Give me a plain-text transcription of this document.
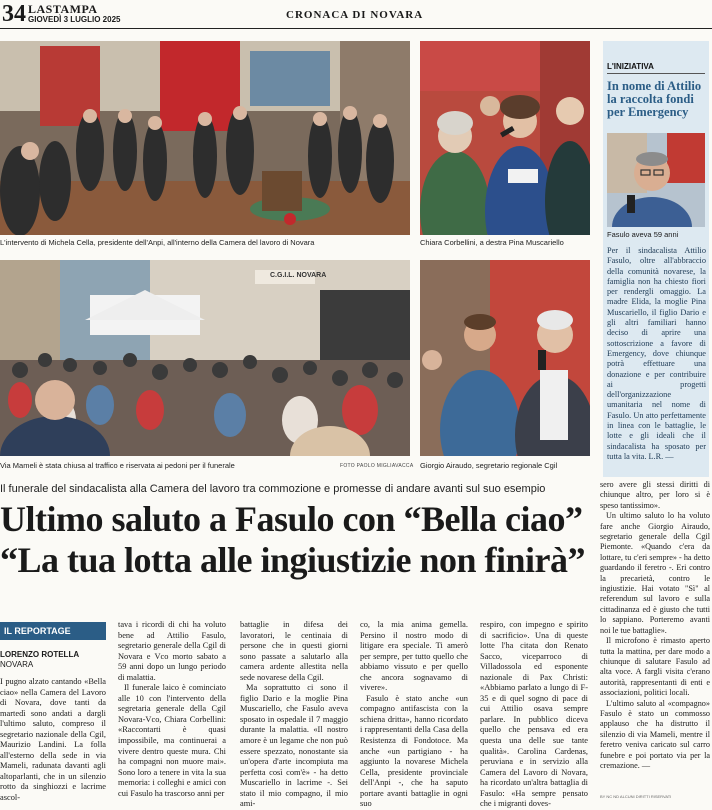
34 LASTAMPA
GIOVEDÌ 3 LUGLIO 2025	CRONACA DI NOVARA
L'intervento di Michela Cella, presidente dell'Anpi, all'interno della Camera del lavoro di Novara	Chiara Corbellini, a destra Pina Muscariello
C.G.I.L. NOVARA
Via Mameli è stata chiusa al traffico e riservata ai pedoni per il funerale	FOTO PAOLO MIGLIAVACCA Giorgio Airaudo, segretario regionale Cgil
L'INIZIATIVA
In nome di Attilio la raccolta fondi per Emergency
Fasulo aveva 59 anni
Per il sindacalista Attilio Fasulo, oltre all'abbraccio della comunità novarese, la famiglia non ha chiesto fiori per rendergli omaggio. La madre Elida, la moglie Pina Muscariello, il figlio Dario e gli altri familiari hanno deciso di aprire una sottoscrizione a favore di Emergency, dove chiunque potrà effettuare una donazione e per contribuire ai progetti dell'organizzazione umanitaria nel nome di Fasulo. Un atto perfettamente in linea con le battaglie, le lotte e gli ideali che il sindacalista ha sposato per tutta la vita. L.R. —
Il funerale del sindacalista alla Camera del lavoro tra commozione e promesse di andare avanti sul suo esempio
Ultimo saluto a Fasulo con “Bella ciao”
“La tua lotta alle ingiustizie non finirà”
IL REPORTAGE
LORENZO ROTELLA
NOVARA

I pugno alzato cantando «Bella ciao» nella Camera del Lavoro di Novara, dove tanti da martedì sono andati a dargli l'ultimo saluto, compreso il segretario nazionale della Cgil, Maurizio Landini. La folla all'esterno della sede in via Mameli, radunata davanti agli altoparlanti, che in un silenzio rotto da singhiozzi e lacrime ascol-

tava i ricordi di chi ha voluto bene ad Attilio Fasulo, segretario generale della Cgil di Novara e Vco morto sabato a 59 anni dopo un lungo periodo di malattia.

Il funerale laico è cominciato alle 10 con l'intervento della segretaria generale della Cgil Novara-Vco, Chiara Corbellini: «Raccontarti è quasi impossibile, ma continuerai a vivere dentro queste mura. Chi ha compagni non muore mai». Sono loro a tenere in vita la sua memoria: i colleghi e amici con cui Fasulo ha trascorso anni per

battaglie in difesa dei lavoratori, le centinaia di persone che in questi giorni sono passate a salutarlo alla camera ardente allestita nella sede novarese della Cgil.

Ma soprattutto ci sono il figlio Dario e la moglie Pina Muscariello, che Fasulo aveva sposato in ospedale il 7 maggio durante la malattia. «Il nostro amore è un legame che non può essere spezzato, nonostante sia un'opera d'arte incompiuta ma perfetta così com'è» - ha detto Muscariello in lacrime -. Sei stato il mio compagno, il mio ami-

co, la mia anima gemella. Persino il nostro modo di litigare era speciale. Ti amerò per sempre, per tutto quello che abbiamo vissuto e per quello che ancora sognavamo di vivere».

Fasulo è stato anche «un compagno antifascista con la schiena dritta», hanno ricordato i rappresentanti della Casa della Resistenza di Fondotoce. Ma anche «un partigiano - ha aggiunto la novarese Michela Cella, presidente provinciale dell'Anpi -, che ha saputo portare avanti battaglie in ogni suo

respiro, con impegno e spirito di sacrificio». Una di queste lotte l'ha citata don Renato Sacco, viceparroco di Villadossola ed esponente nazionale di Pax Christi: «Abbiamo parlato a lungo di F-35 e di quel sogno di pace di cui Attilio osava sempre parlare. In pubblico diceva quello che pensava ed era questa una delle sue tante qualità». Carolina Cardenas, peruviana e in servizio alla Camera del Lavoro di Novara, ha ricordato un'altra battaglia di Fasulo: «Ha sempre pensato che i migranti doves-

sero avere gli stessi diritti di chiunque altro, per loro si è speso tantissimo».

Un ultimo saluto lo ha voluto fare anche Giorgio Airaudo, segretario generale della Cgil Piemonte. «Quando c'era da lottare, tu c'eri sempre» - ha detto guardando il feretro -. Eri contro la precarietà, contro le ingiustizie. Hai votato "Sì" al referendum sul lavoro e sulla cittadinanza ed è giusto che tutti lo sappiano. Porteremo avanti noi le tue battaglie».

Il microfono è rimasto aperto tutta la mattina, per dare modo a chiunque di salutare Fasulo ad alta voce. A fargli visita c'erano autorità, rappresentanti di enti e associazioni, politici locali.

L'ultimo saluto al «compagno» Fasulo è stato un commosso applauso che ha distrutto il silenzio di via Mameli, mentre il feretro veniva caricato sul carro funebre e poi portato via per la cremazione. —

BY NC ND ALCUNI DIRITTI RISERVATI
